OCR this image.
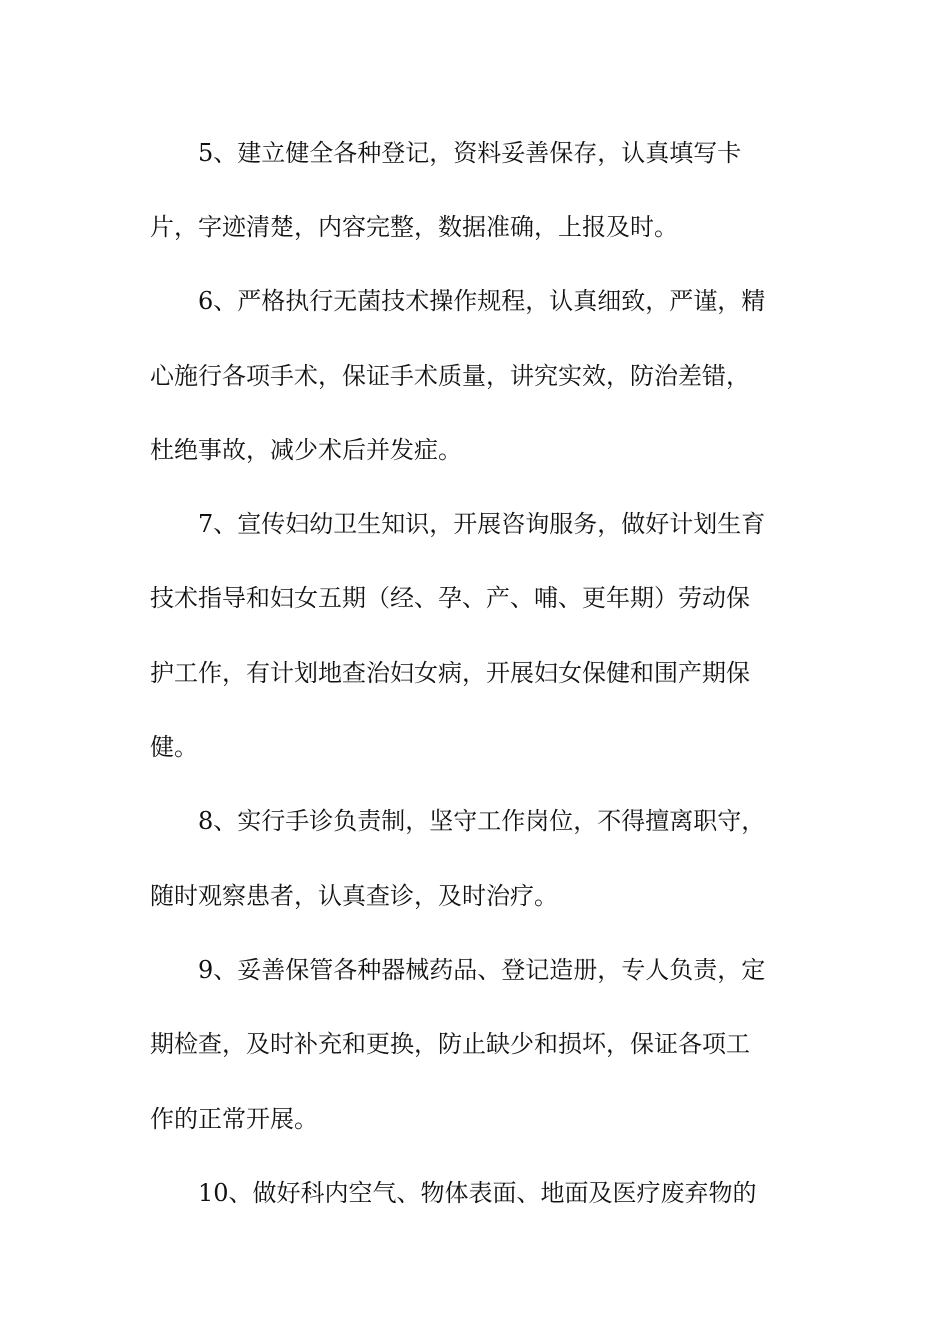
5、建立健全各种登记，资料妥善保存，认真填写卡
片，字迹清楚，内容完整，数据准确，上报及时。
6、严格执行无菌技术操作规程，认真细致，严谨，精
心施行各项手术，保证手术质量，讲究实效，防治差错，
杜绝事故，减少术后并发症。
7、宣传妇幼卫生知识，开展咨询服务，做好计划生育
技术指导和妇女五期（经、孕、产、哺、更年期）劳动保
护工作，有计划地查治妇女病，开展妇女保健和围产期保
健。
8、实行手诊负责制，坚守工作岗位，不得擅离职守，
随时观察患者，认真查诊，及时治疗。
9、妥善保管各种器械药品、登记造册，专人负责，定
期检查，及时补充和更换，防止缺少和损坏，保证各项工
作的正常开展。
10、做好科内空气、物体表面、地面及医疗废弃物的
